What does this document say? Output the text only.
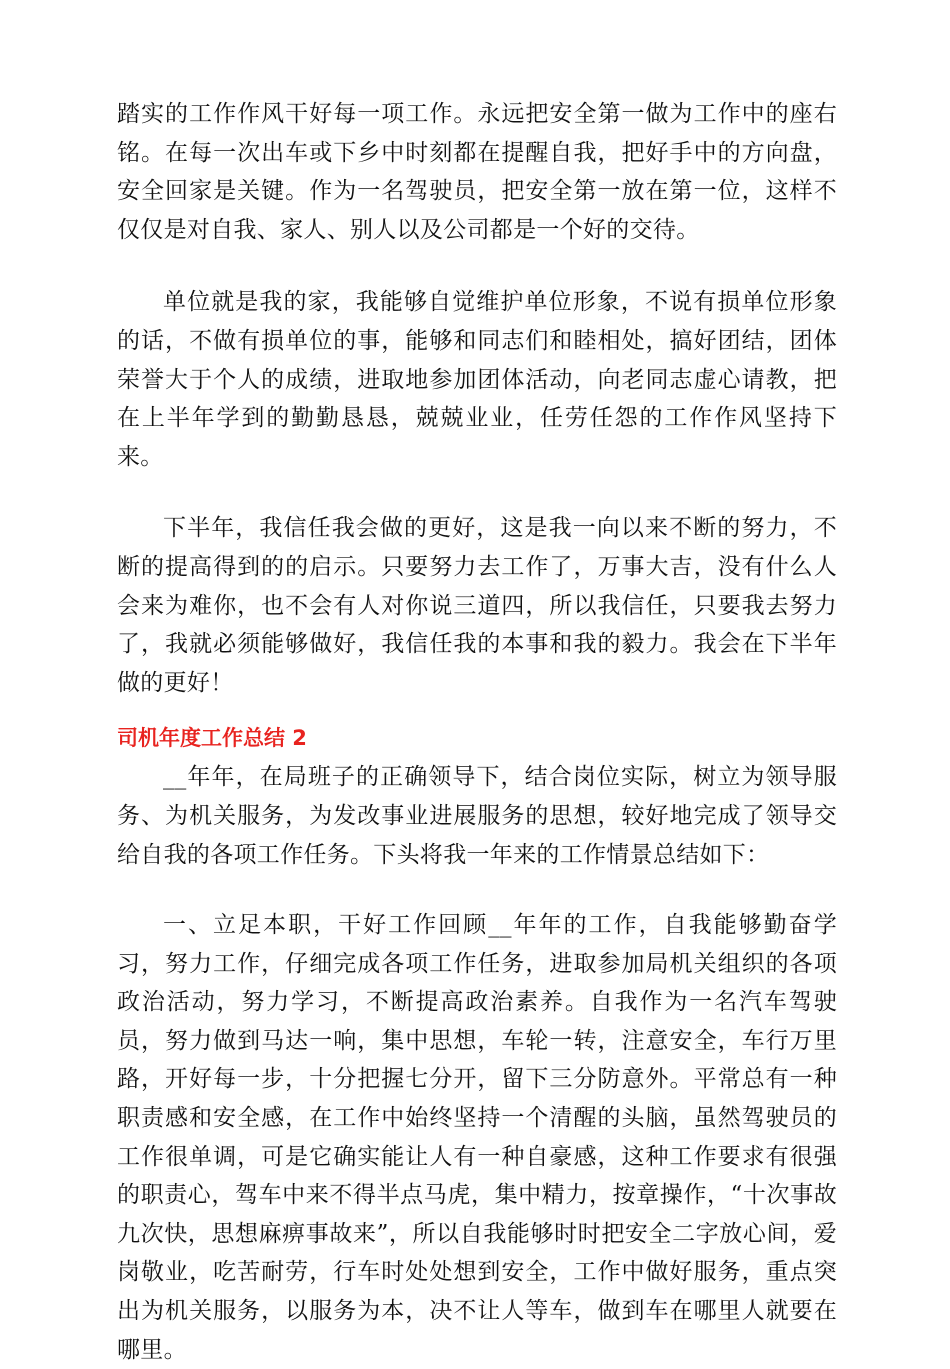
踏实的工作作风干好每一项工作。永远把安全第一做为工作中的座右铭。在每一次出车或下乡中时刻都在提醒自我，把好手中的方向盘，安全回家是关键。作为一名驾驶员，把安全第一放在第一位，这样不仅仅是对自我、家人、别人以及公司都是一个好的交待。

单位就是我的家，我能够自觉维护单位形象，不说有损单位形象的话，不做有损单位的事，能够和同志们和睦相处，搞好团结，团体荣誉大于个人的成绩，进取地参加团体活动，向老同志虚心请教，把在上半年学到的勤勤恳恳，兢兢业业，任劳任怨的工作作风坚持下来。

下半年，我信任我会做的更好，这是我一向以来不断的努力，不断的提高得到的的启示。只要努力去工作了，万事大吉，没有什么人会来为难你，也不会有人对你说三道四，所以我信任，只要我去努力了，我就必须能够做好，我信任我的本事和我的毅力。我会在下半年做的更好！

司机年度工作总结 2

__年年，在局班子的正确领导下，结合岗位实际，树立为领导服务、为机关服务，为发改事业进展服务的思想，较好地完成了领导交给自我的各项工作任务。下头将我一年来的工作情景总结如下：

一、立足本职，干好工作回顾__年年的工作，自我能够勤奋学习，努力工作，仔细完成各项工作任务，进取参加局机关组织的各项政治活动，努力学习，不断提高政治素养。自我作为一名汽车驾驶员，努力做到马达一响，集中思想，车轮一转，注意安全，车行万里路，开好每一步，十分把握七分开，留下三分防意外。平常总有一种职责感和安全感，在工作中始终坚持一个清醒的头脑，虽然驾驶员的工作很单调，可是它确实能让人有一种自豪感，这种工作要求有很强的职责心，驾车中来不得半点马虎，集中精力，按章操作，“十次事故九次快，思想麻痹事故来”，所以自我能够时时把安全二字放心间，爱岗敬业，吃苦耐劳，行车时处处想到安全，工作中做好服务，重点突出为机关服务，以服务为本，决不让人等车，做到车在哪里人就要在哪里。
